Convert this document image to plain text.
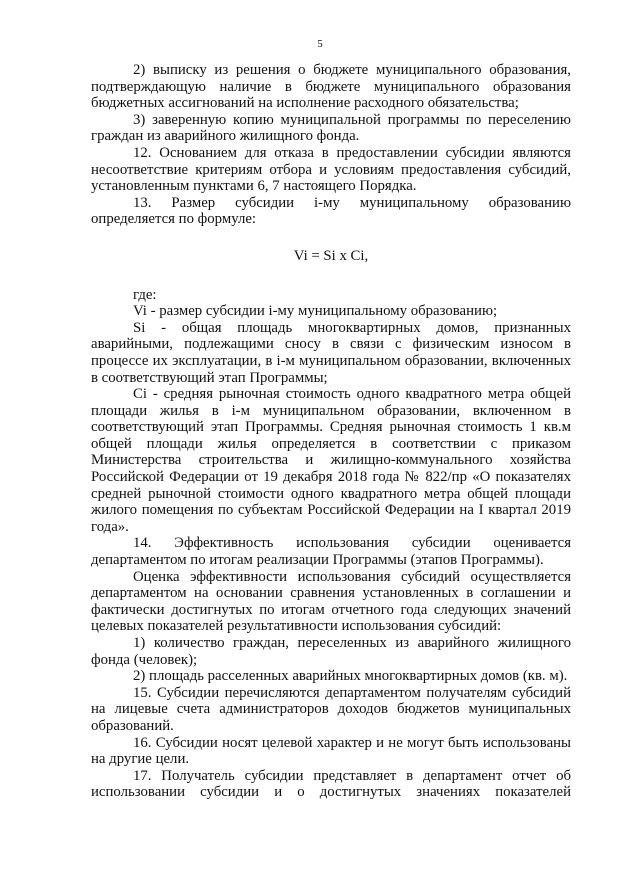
5

2) выписку из решения о бюджете муниципального образования, подтверждающую наличие в бюджете муниципального образования бюджетных ассигнований на исполнение расходного обязательства;

3) заверенную копию муниципальной программы по переселению граждан из аварийного жилищного фонда.

12. Основанием для отказа в предоставлении субсидии являются несоответствие критериям отбора и условиям предоставления субсидий, установленным пунктами 6, 7 настоящего Порядка.

13. Размер субсидии i-му муниципальному образованию определяется по формуле:

Vi = Si x Ci,

где:

Vi - размер субсидии i-му муниципальному образованию;

Si - общая площадь многоквартирных домов, признанных аварийными, подлежащими сносу в связи с физическим износом в процессе их эксплуатации, в i-м муниципальном образовании, включенных в соответствующий этап Программы;

Ci - средняя рыночная стоимость одного квадратного метра общей площади жилья в i-м муниципальном образовании, включенном в соответствующий этап Программы. Средняя рыночная стоимость 1 кв.м общей площади жилья определяется в соответствии с приказом Министерства строительства и жилищно-коммунального хозяйства Российской Федерации от 19 декабря 2018 года № 822/пр «О показателях средней рыночной стоимости одного квадратного метра общей площади жилого помещения по субъектам Российской Федерации на I квартал 2019 года».

14. Эффективность использования субсидии оценивается департаментом по итогам реализации Программы (этапов Программы).

Оценка эффективности использования субсидий осуществляется департаментом на основании сравнения установленных в соглашении и фактически достигнутых по итогам отчетного года следующих значений целевых показателей результативности использования субсидий:

1) количество граждан, переселенных из аварийного жилищного фонда (человек);

2) площадь расселенных аварийных многоквартирных домов (кв. м).

15. Субсидии перечисляются департаментом получателям субсидий на лицевые счета администраторов доходов бюджетов муниципальных образований.

16. Субсидии носят целевой характер и не могут быть использованы на другие цели.

17. Получатель субсидии представляет в департамент отчет об использовании субсидии и о достигнутых значениях показателей
